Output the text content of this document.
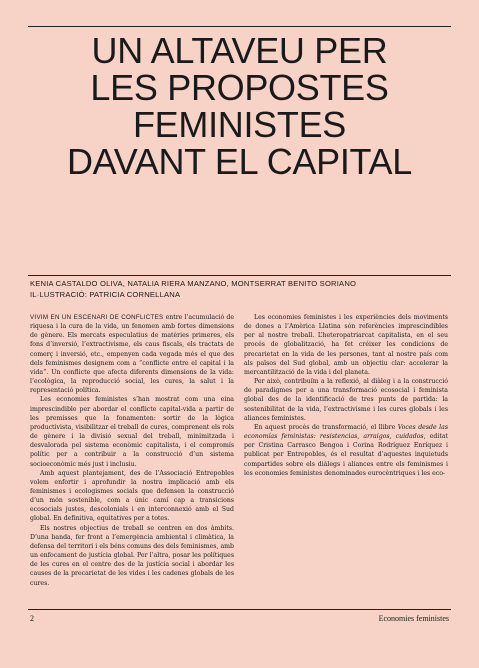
UN ALTAVEU PER
LES PROPOSTES
FEMINISTES
DAVANT EL CAPITAL
KENIA CASTALDO OLIVA, NATALIA RIERA MANZANO, MONTSERRAT BENITO SORIANO
IL·LUSTRACIÓ: PATRICIA CORNELLANA

VIVIM EN UN ESCENARI DE CONFLICTES entre l’acumulació de riquesa i la cura de la vida, un fenomen amb fortes dimensions de gènere. Els mercats especulatius de matèries primeres, els fons d’inversió, l’extractivisme, els caus fiscals, els tractats de comerç i inversió, etc., empenyen cada vegada més el que des dels feminismes designem com a “conflicte entre el capital i la vida”. Un conflicte que afecta diferents dimensions de la vida: l’ecològica, la reproducció social, les cures, la salut i la representació política.

Les economies feministes s’han mostrat com una eina imprescindible per abordar el conflicte capital-vida a partir de les premisses que la fonamenten: sortir de la lògica productivista, visibilitzar el treball de cures, comprenent els rols de gènere i la divisió sexual del treball, minimitzada i desvalorada pel sistema econòmic capitalista, i el compromís polític per a contribuir a la construcció d’un sistema socioeconòmic més just i inclusiu.

Amb aquest plantejament, des de l’Associació Entrepobles volem enfortir i aprofundir la nostra implicació amb els feminismes i ecologismes socials que defensen la construcció d’un món sostenible, com a únic camí cap a transicions ecosocials justes, descolonials i en interconnexió amb el Sud global. En definitiva, equitatives per a totes.

Els nostres objectius de treball se centren en dos àmbits. D’una banda, fer front a l’emergència ambiental i climàtica, la defensa del territori i els béns comuns des dels feminismes, amb un enfocament de justícia global. Per l’altra, posar les polítiques de les cures en el centre des de la justícia social i abordar les causes de la precarietat de les vides i les cadenes globals de les cures.

Les economies feministes i les experiències dels moviments de dones a l’Amèrica Llatina són referències imprescindibles per al nostre treball. L’heteropatriarcat capitalista, en el seu procés de globalització, ha fet créixer les condicions de precarietat en la vida de les persones, tant al nostre país com als països del Sud global, amb un objectiu clar: accelerar la mercantilització de la vida i del planeta.

Per això, contribuïm a la reflexió, al diàleg i a la construcció de paradigmes per a una transformació ecosocial i feminista global des de la identificació de tres punts de partida: la sostenibilitat de la vida, l’extractivisme i les cures globals i les aliances feministes.

En aquest procés de transformació, el llibre Voces desde las economías feministas: resistencias, arraigos, cuidados, editat per Cristina Carrasco Bengoa i Corina Rodríguez Enríquez i publicat per Entrepobles, és el resultat d’aquestes inquietuds compartides sobre els diàlegs i aliances entre els feminismes i les economies feministes denominades eurocèntriques i les eco-

2	Economies feministes
